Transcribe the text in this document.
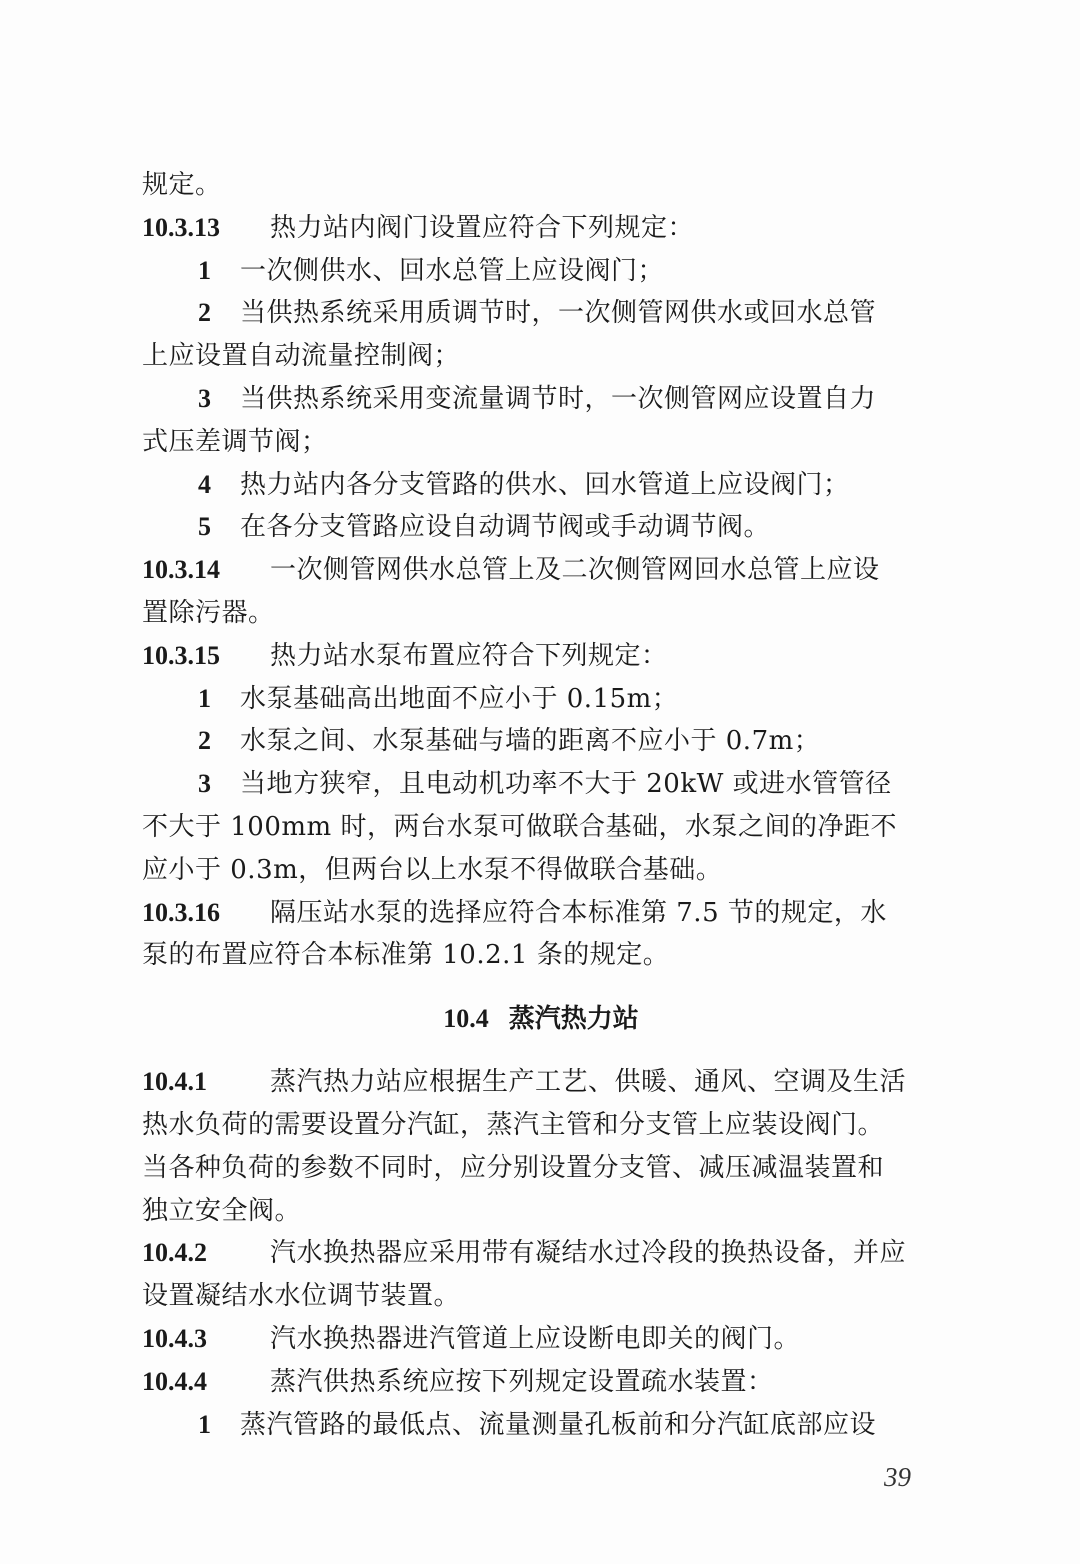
规定。
10.3.13 热力站内阀门设置应符合下列规定：
1 一次侧供水、回水总管上应设阀门；
2 当供热系统采用质调节时，一次侧管网供水或回水总管
上应设置自动流量控制阀；
3 当供热系统采用变流量调节时，一次侧管网应设置自力
式压差调节阀；
4 热力站内各分支管路的供水、回水管道上应设阀门；
5 在各分支管路应设自动调节阀或手动调节阀。
10.3.14 一次侧管网供水总管上及二次侧管网回水总管上应设
置除污器。
10.3.15 热力站水泵布置应符合下列规定：
1 水泵基础高出地面不应小于 0.15m；
2 水泵之间、水泵基础与墙的距离不应小于 0.7m；
3 当地方狭窄，且电动机功率不大于 20kW 或进水管管径
不大于 100mm 时，两台水泵可做联合基础，水泵之间的净距不
应小于 0.3m，但两台以上水泵不得做联合基础。
10.3.16 隔压站水泵的选择应符合本标准第 7.5 节的规定，水
泵的布置应符合本标准第 10.2.1 条的规定。
10.4 蒸汽热力站
10.4.1 蒸汽热力站应根据生产工艺、供暖、通风、空调及生活
热水负荷的需要设置分汽缸，蒸汽主管和分支管上应装设阀门。
当各种负荷的参数不同时，应分别设置分支管、减压减温装置和
独立安全阀。
10.4.2 汽水换热器应采用带有凝结水过冷段的换热设备，并应
设置凝结水水位调节装置。
10.4.3 汽水换热器进汽管道上应设断电即关的阀门。
10.4.4 蒸汽供热系统应按下列规定设置疏水装置：
1 蒸汽管路的最低点、流量测量孔板前和分汽缸底部应设
39
